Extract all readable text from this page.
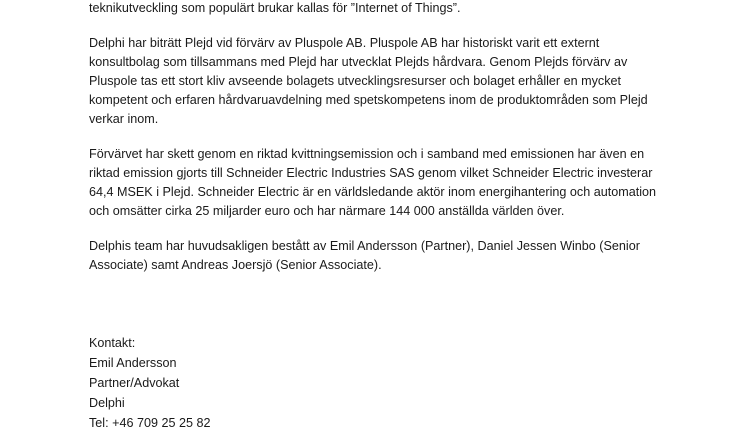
teknikutveckling som populärt brukar kallas för ”Internet of Things”.

Delphi har biträtt Plejd vid förvärv av Pluspole AB. Pluspole AB har historiskt varit ett externt
konsultbolag som tillsammans med Plejd har utvecklat Plejds hårdvara. Genom Plejds förvärv av
Pluspole tas ett stort kliv avseende bolagets utvecklingsresurser och bolaget erhåller en mycket
kompetent och erfaren hårdvaruavdelning med spetskompetens inom de produktområden som Plejd
verkar inom.

Förvärvet har skett genom en riktad kvittningsemission och i samband med emissionen har även en
riktad emission gjorts till Schneider Electric Industries SAS genom vilket Schneider Electric investerar
64,4 MSEK i Plejd. Schneider Electric är en världsledande aktör inom energihantering och automation
och omsätter cirka 25 miljarder euro och har närmare 144 000 anställda världen över.

Delphis team har huvudsakligen bestått av Emil Andersson (Partner), Daniel Jessen Winbo (Senior
Associate) samt Andreas Joersjö (Senior Associate).

Kontakt:
Emil Andersson
Partner/Advokat
Delphi
Tel: +46 709 25 25 82
